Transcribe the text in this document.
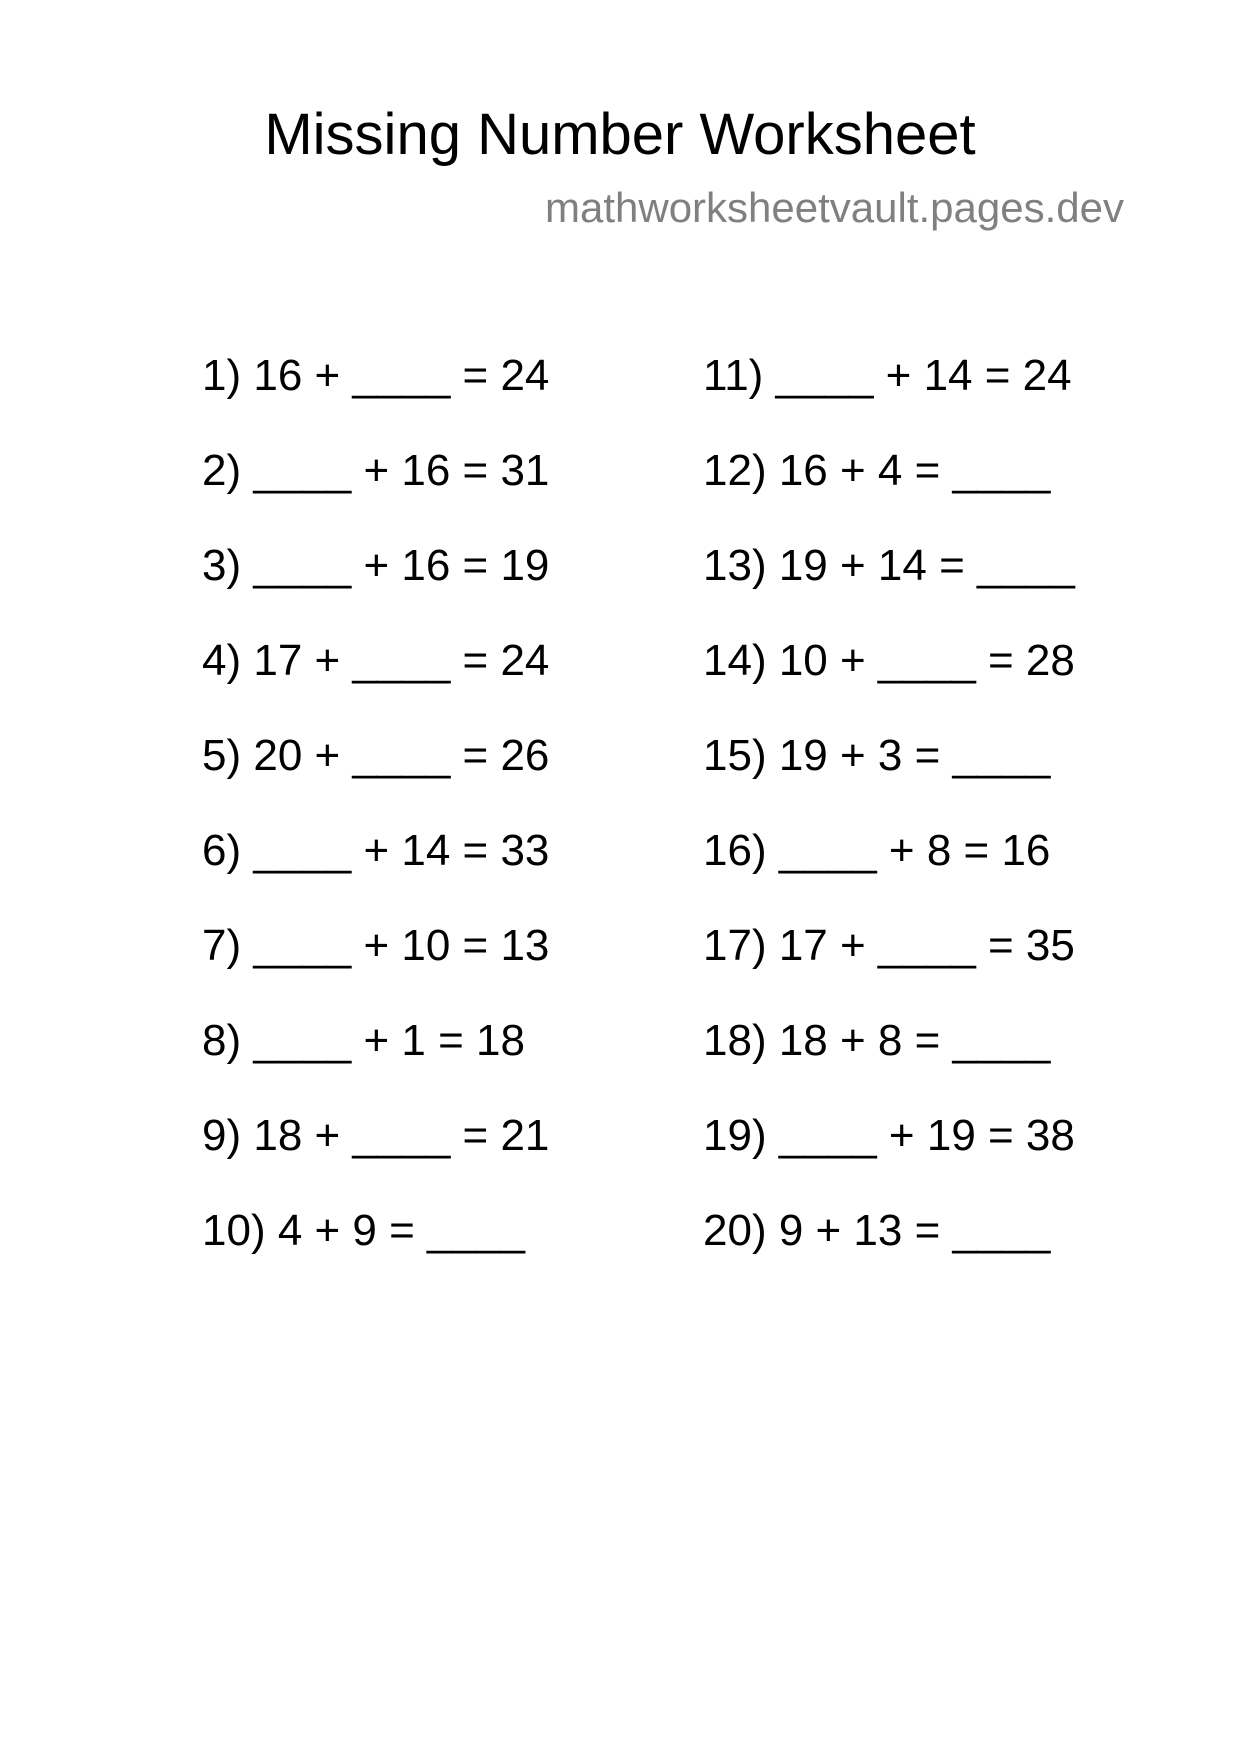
Missing Number Worksheet
mathworksheetvault.pages.dev
1) 16 + ____ = 24
2) ____ + 16 = 31
3) ____ + 16 = 19
4) 17 + ____ = 24
5) 20 + ____ = 26
6) ____ + 14 = 33
7) ____ + 10 = 13
8) ____ + 1 = 18
9) 18 + ____ = 21
10) 4 + 9 = ____
11) ____ + 14 = 24
12) 16 + 4 = ____
13) 19 + 14 = ____
14) 10 + ____ = 28
15) 19 + 3 = ____
16) ____ + 8 = 16
17) 17 + ____ = 35
18) 18 + 8 = ____
19) ____ + 19 = 38
20) 9 + 13 = ____
